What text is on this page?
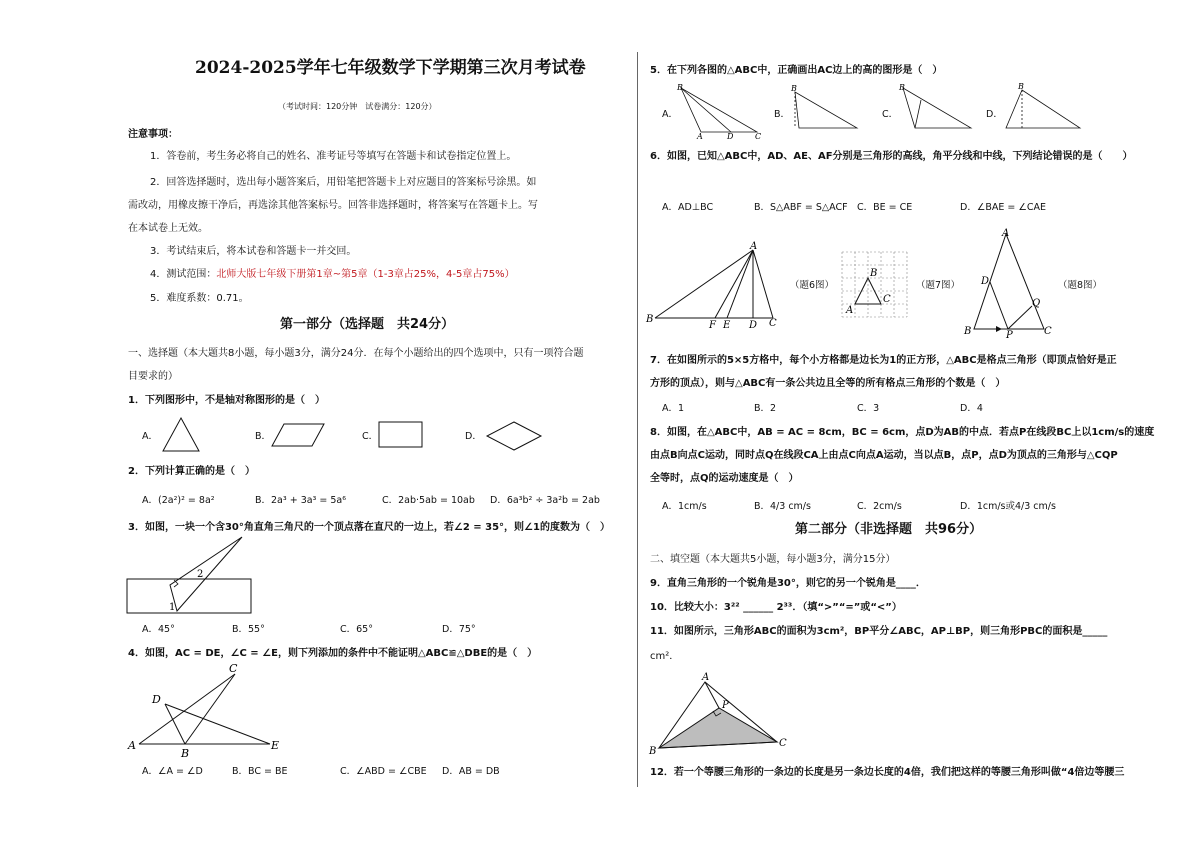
2024-2025学年七年级数学下学期第三次月考试卷
（考试时间：120分钟　试卷满分：120分）
注意事项：
1．答卷前，考生务必将自己的姓名、准考证号等填写在答题卡和试卷指定位置上。
2．回答选择题时，选出每小题答案后，用铅笔把答题卡上对应题目的答案标号涂黑。如
需改动，用橡皮擦干净后，再选涂其他答案标号。回答非选择题时，将答案写在答题卡上。写
在本试卷上无效。
3．考试结束后，将本试卷和答题卡一并交回。
4．测试范围：北师大版七年级下册第1章~第5章（1-3章占25%，4-5章占75%）
5．难度系数：0.71。
第一部分（选择题　共24分）
一、选择题（本大题共8小题，每小题3分，满分24分．在每个小题给出的四个选项中，只有一项符合题
目要求的）
1．下列图形中，不是轴对称图形的是（　）
A．	B．	C．	D．
2．下列计算正确的是（　）
A．(2a²)² = 8a²	B．2a³ + 3a³ = 5a⁶	C．2ab·5ab = 10ab D．6a³b² ÷ 3a²b = 2ab
3．如图，一块一个含30°角直角三角尺的一个顶点落在直尺的一边上，若∠2 = 35°，则∠1的度数为（　）
2
1
A．45°	B．55°	C．65°	D．75°
4．如图，AC = DE，∠C = ∠E，则下列添加的条件中不能证明△ABC≌△DBE的是（　）
C
D
A
B
E
A．∠A = ∠D	B．BC = BE	C．∠ABD = ∠CBE D．AB = DB
5．在下列各图的△ABC中，正确画出AC边上的高的图形是（　）
A．
B
A	D	C
B．
B
C．
B
D．
B
6．如图，已知△ABC中，AD、AE、AF分别是三角形的高线，角平分线和中线，下列结论错误的是（　　）
A．AD⊥BC	B．S△ABF = S△ACF C．BE = CE	D．∠BAE = ∠CAE
A
B
F E D C
（题6图）
B
A
C
（题7图）
A
D
Q
B	P	C
（题8图）
7．在如图所示的5×5方格中，每个小方格都是边长为1的正方形，△ABC是格点三角形（即顶点恰好是正
方形的顶点），则与△ABC有一条公共边且全等的所有格点三角形的个数是（　）
A．1	B．2	C．3	D．4
8．如图，在△ABC中，AB = AC = 8cm，BC = 6cm，点D为AB的中点．若点P在线段BC上以1cm/s的速度
由点B向点C运动，同时点Q在线段CA上由点C向点A运动，当以点B，点P，点D为顶点的三角形与△CQP
全等时，点Q的运动速度是（　）
A．1cm/s	B．4/3 cm/s	C．2cm/s	D．1cm/s或4/3 cm/s
第二部分（非选择题　共96分）
二、填空题（本大题共5小题，每小题3分，满分15分）
9．直角三角形的一个锐角是30°，则它的另一个锐角是____．
10．比较大小：3²² ______ 2³³．（填“>”“=”或“<”）
11．如图所示，三角形ABC的面积为3cm²，BP平分∠ABC，AP⊥BP，则三角形PBC的面积是_____
cm²．
A
P
B
C
12．若一个等腰三角形的一条边的长度是另一条边长度的4倍，我们把这样的等腰三角形叫做“4倍边等腰三
